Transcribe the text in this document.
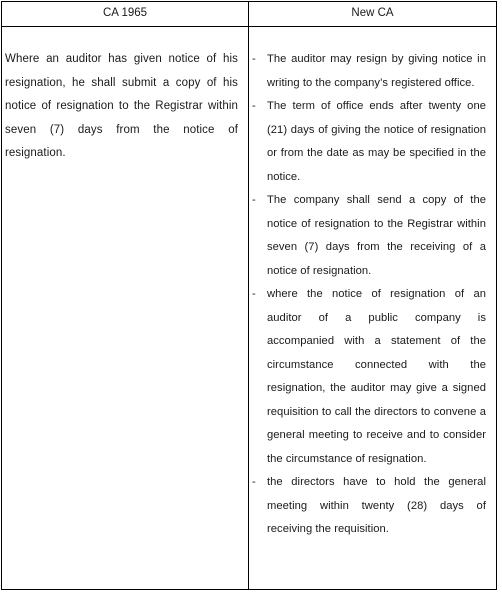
CA 1965	New CA
Where an auditor has given notice of his resignation, he shall submit a copy of his notice of resignation to the Registrar within seven (7) days from the notice of resignation.
- The auditor may resign by giving notice in writing to the company’s registered office.
- The term of office ends after twenty one (21) days of giving the notice of resignation or from the date as may be specified in the notice.
- The company shall send a copy of the notice of resignation to the Registrar within seven (7) days from the receiving of a notice of resignation.
- where the notice of resignation of an auditor of a public company is accompanied with a statement of the circumstance connected with the resignation, the auditor may give a signed requisition to call the directors to convene a general meeting to receive and to consider the circumstance of resignation.
- the directors have to hold the general meeting within twenty (28) days of receiving the requisition.
